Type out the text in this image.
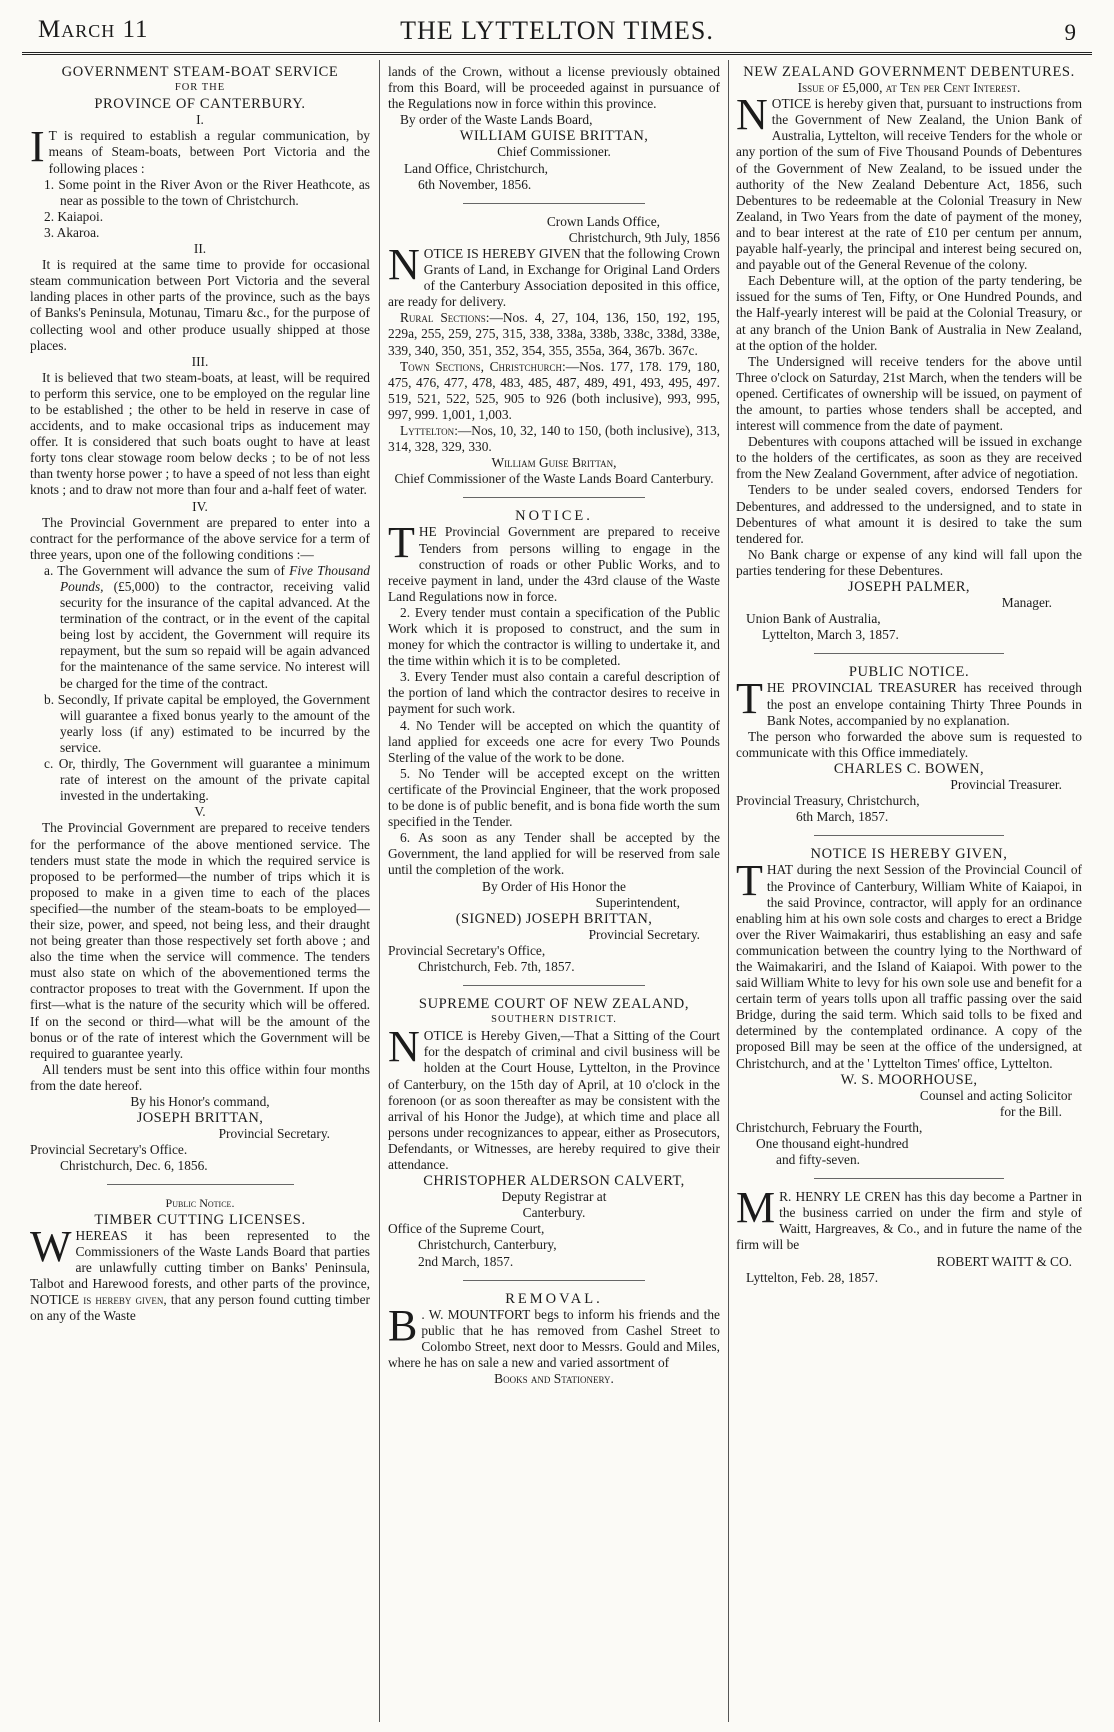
March 11	THE LYTTELTON TIMES.	9
GOVERNMENT STEAM-BOAT SERVICE
FOR THE
PROVINCE OF CANTERBURY.
I.

I T is required to establish a regular communication, by means of Steam-boats, between Port Victoria and the following places :

1. Some point in the River Avon or the River Heathcote, as near as possible to the town of Christchurch.

2. Kaiapoi.

3. Akaroa.

II.

It is required at the same time to provide for occasional steam communication between Port Victoria and the several landing places in other parts of the province, such as the bays of Banks's Peninsula, Motunau, Timaru &c., for the purpose of collecting wool and other produce usually shipped at those places.

III.

It is believed that two steam-boats, at least, will be required to perform this service, one to be employed on the regular line to be established ; the other to be held in reserve in case of accidents, and to make occasional trips as inducement may offer. It is considered that such boats ought to have at least forty tons clear stowage room below decks ; to be of not less than twenty horse power ; to have a speed of not less than eight knots ; and to draw not more than four and a-half feet of water.

IV.

The Provincial Government are prepared to enter into a contract for the performance of the above service for a term of three years, upon one of the following conditions :—

a. The Government will advance the sum of Five Thousand Pounds, (£5,000) to the contractor, receiving valid security for the insurance of the capital advanced. At the termination of the contract, or in the event of the capital being lost by accident, the Government will require its repayment, but the sum so repaid will be again advanced for the maintenance of the same service. No interest will be charged for the time of the contract.

b. Secondly, If private capital be employed, the Government will guarantee a fixed bonus yearly to the amount of the yearly loss (if any) estimated to be incurred by the service.

c. Or, thirdly, The Government will guarantee a minimum rate of interest on the amount of the private capital invested in the undertaking.

V.

The Provincial Government are prepared to receive tenders for the performance of the above mentioned service. The tenders must state the mode in which the required service is proposed to be performed—the number of trips which it is proposed to make in a given time to each of the places specified—the number of the steam-boats to be employed—their size, power, and speed, not being less, and their draught not being greater than those respectively set forth above ; and also the time when the service will commence. The tenders must also state on which of the abovementioned terms the contractor proposes to treat with the Government. If upon the first—what is the nature of the security which will be offered. If on the second or third—what will be the amount of the bonus or of the rate of interest which the Government will be required to guarantee yearly.

All tenders must be sent into this office within four months from the date hereof.

By his Honor's command,

JOSEPH BRITTAN,

Provincial Secretary.

Provincial Secretary's Office.

Christchurch, Dec. 6, 1856.

Public Notice.
TIMBER CUTTING LICENSES.

WHEREAS it has been represented to the Commissioners of the Waste Lands Board that parties are unlawfully cutting timber on Banks' Peninsula, Talbot and Harewood forests, and other parts of the province, NOTICE is hereby given, that any person found cutting timber on any of the Waste

lands of the Crown, without a license previously obtained from this Board, will be proceeded against in pursuance of the Regulations now in force within this province.

By order of the Waste Lands Board,

WILLIAM GUISE BRITTAN,

Chief Commissioner.

Land Office, Christchurch,

6th November, 1856.

Crown Lands Office,

Christchurch, 9th July, 1856

NOTICE IS HEREBY GIVEN that the following Crown Grants of Land, in Exchange for Original Land Orders of the Canterbury Association deposited in this office, are ready for delivery.

Rural Sections:—Nos. 4, 27, 104, 136, 150, 192, 195, 229a, 255, 259, 275, 315, 338, 338a, 338b, 338c, 338d, 338e, 339, 340, 350, 351, 352, 354, 355, 355a, 364, 367b. 367c.

Town Sections, Christchurch:—Nos. 177, 178. 179, 180, 475, 476, 477, 478, 483, 485, 487, 489, 491, 493, 495, 497. 519, 521, 522, 525, 905 to 926 (both inclusive), 993, 995, 997, 999. 1,001, 1,003.

Lyttelton:—Nos, 10, 32, 140 to 150, (both inclusive), 313, 314, 328, 329, 330.

William Guise Brittan,

Chief Commissioner of the Waste Lands Board Canterbury.

NOTICE.

THE Provincial Government are prepared to receive Tenders from persons willing to engage in the construction of roads or other Public Works, and to receive payment in land, under the 43rd clause of the Waste Land Regulations now in force.

2. Every tender must contain a specification of the Public Work which it is proposed to construct, and the sum in money for which the contractor is willing to undertake it, and the time within which it is to be completed.

3. Every Tender must also contain a careful description of the portion of land which the contractor desires to receive in payment for such work.

4. No Tender will be accepted on which the quantity of land applied for exceeds one acre for every Two Pounds Sterling of the value of the work to be done.

5. No Tender will be accepted except on the written certificate of the Provincial Engineer, that the work proposed to be done is of public benefit, and is bona fide worth the sum specified in the Tender.

6. As soon as any Tender shall be accepted by the Government, the land applied for will be reserved from sale until the completion of the work.

By Order of His Honor the

Superintendent,

(SIGNED) JOSEPH BRITTAN,

Provincial Secretary.

Provincial Secretary's Office,

Christchurch, Feb. 7th, 1857.

SUPREME COURT OF NEW ZEALAND,
SOUTHERN DISTRICT.

NOTICE is Hereby Given,—That a Sitting of the Court for the despatch of criminal and civil business will be holden at the Court House, Lyttelton, in the Province of Canterbury, on the 15th day of April, at 10 o'clock in the forenoon (or as soon thereafter as may be consistent with the arrival of his Honor the Judge), at which time and place all persons under recognizances to appear, either as Prosecutors, Defendants, or Witnesses, are hereby required to give their attendance.

CHRISTOPHER ALDERSON CALVERT,

Deputy Registrar at

Canterbury.

Office of the Supreme Court,

Christchurch, Canterbury,

2nd March, 1857.

REMOVAL.

B . W. MOUNTFORT begs to inform his friends and the public that he has removed from Cashel Street to Colombo Street, next door to Messrs. Gould and Miles, where he has on sale a new and varied assortment of

Books and Stationery.

NEW ZEALAND GOVERNMENT DEBENTURES.
Issue of £5,000, at Ten per Cent Interest.

NOTICE is hereby given that, pursuant to instructions from the Government of New Zealand, the Union Bank of Australia, Lyttelton, will receive Tenders for the whole or any portion of the sum of Five Thousand Pounds of Debentures of the Government of New Zealand, to be issued under the authority of the New Zealand Debenture Act, 1856, such Debentures to be redeemable at the Colonial Treasury in New Zealand, in Two Years from the date of payment of the money, and to bear interest at the rate of £10 per centum per annum, payable half-yearly, the principal and interest being secured on, and payable out of the General Revenue of the colony.

Each Debenture will, at the option of the party tendering, be issued for the sums of Ten, Fifty, or One Hundred Pounds, and the Half-yearly interest will be paid at the Colonial Treasury, or at any branch of the Union Bank of Australia in New Zealand, at the option of the holder.

The Undersigned will receive tenders for the above until Three o'clock on Saturday, 21st March, when the tenders will be opened. Certificates of ownership will be issued, on payment of the amount, to parties whose tenders shall be accepted, and interest will commence from the date of payment.

Debentures with coupons attached will be issued in exchange to the holders of the certificates, as soon as they are received from the New Zealand Government, after advice of negotiation.

Tenders to be under sealed covers, endorsed Tenders for Debentures, and addressed to the undersigned, and to state in Debentures of what amount it is desired to take the sum tendered for.

No Bank charge or expense of any kind will fall upon the parties tendering for these Debentures.

JOSEPH PALMER,

Manager.

Union Bank of Australia,

Lyttelton, March 3, 1857.

PUBLIC NOTICE.

THE PROVINCIAL TREASURER has received through the post an envelope containing Thirty Three Pounds in Bank Notes, accompanied by no explanation.

The person who forwarded the above sum is requested to communicate with this Office immediately.

CHARLES C. BOWEN,

Provincial Treasurer.

Provincial Treasury, Christchurch,

6th March, 1857.

NOTICE IS HEREBY GIVEN,

THAT during the next Session of the Provincial Council of the Province of Canterbury, William White of Kaiapoi, in the said Province, contractor, will apply for an ordinance enabling him at his own sole costs and charges to erect a Bridge over the River Waimakariri, thus establishing an easy and safe communication between the country lying to the Northward of the Waimakariri, and the Island of Kaiapoi. With power to the said William White to levy for his own sole use and benefit for a certain term of years tolls upon all traffic passing over the said Bridge, during the said term. Which said tolls to be fixed and determined by the contemplated ordinance. A copy of the proposed Bill may be seen at the office of the undersigned, at Christchurch, and at the ' Lyttelton Times' office, Lyttelton.

W. S. MOORHOUSE,

Counsel and acting Solicitor

for the Bill.

Christchurch, February the Fourth,

One thousand eight-hundred

and fifty-seven.

M R. HENRY LE CREN has this day become a Partner in the business carried on under the firm and style of Waitt, Hargreaves, & Co., and in future the name of the firm will be

ROBERT WAITT & CO.

Lyttelton, Feb. 28, 1857.
